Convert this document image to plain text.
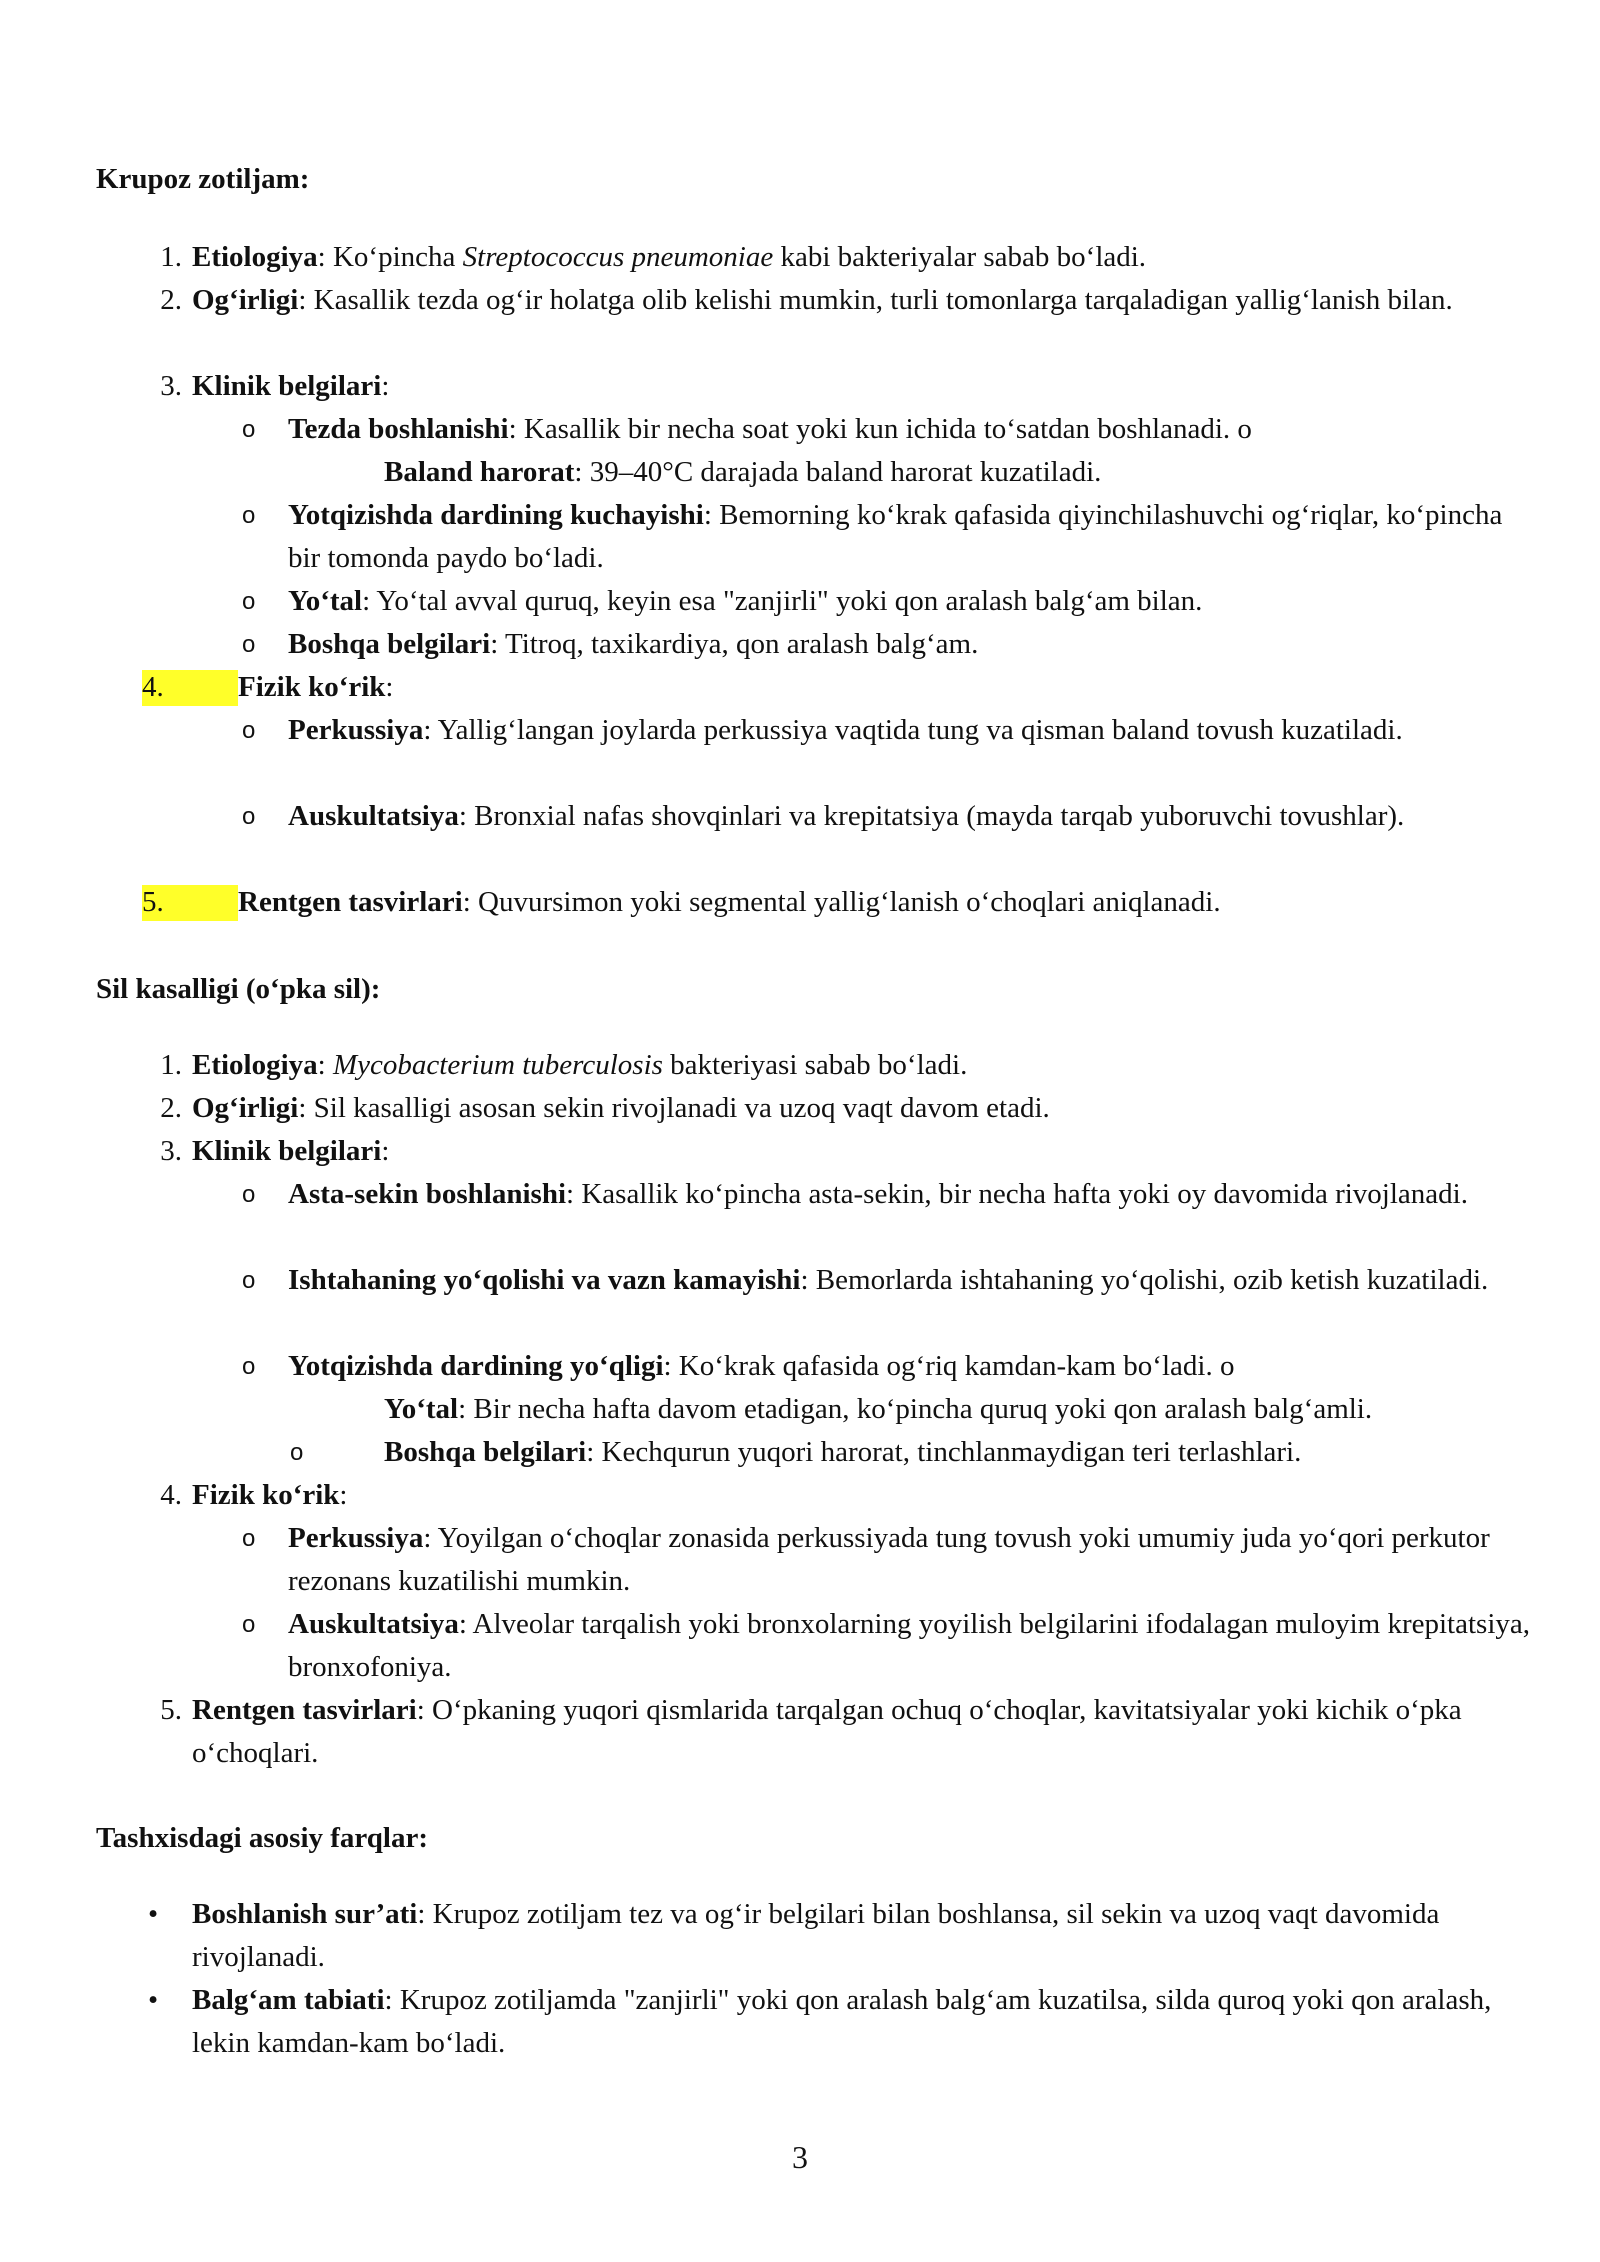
Krupoz zotiljam:
1. Etiologiya: Koʻpincha Streptococcus pneumoniae kabi bakteriyalar sabab boʻladi.
2. Ogʻirligi: Kasallik tezda ogʻir holatga olib kelishi mumkin, turli tomonlarga tarqaladigan yalligʻlanish bilan.
3. Klinik belgilari:
o Tezda boshlanishi: Kasallik bir necha soat yoki kun ichida toʻsatdan boshlanadi. o
Baland harorat: 39–40°C darajada baland harorat kuzatiladi.
o Yotqizishda dardining kuchayishi: Bemorning koʻkrak qafasida qiyinchilashuvchi ogʻriqlar, koʻpincha bir tomonda paydo boʻladi.
o Yoʻtal: Yoʻtal avval quruq, keyin esa "zanjirli" yoki qon aralash balgʻam bilan.
o Boshqa belgilari: Titroq, taxikardiya, qon aralash balgʻam.
4.	Fizik koʻrik:
o Perkussiya: Yalligʻlangan joylarda perkussiya vaqtida tung va qisman baland tovush kuzatiladi.
o Auskultatsiya: Bronxial nafas shovqinlari va krepitatsiya (mayda tarqab yuboruvchi tovushlar).
5.	Rentgen tasvirlari: Quvursimon yoki segmental yalligʻlanish oʻchoqlari aniqlanadi.
Sil kasalligi (oʻpka sil):
1. Etiologiya: Mycobacterium tuberculosis bakteriyasi sabab boʻladi.
2. Ogʻirligi: Sil kasalligi asosan sekin rivojlanadi va uzoq vaqt davom etadi.
3. Klinik belgilari:
o Asta-sekin boshlanishi: Kasallik koʻpincha asta-sekin, bir necha hafta yoki oy davomida rivojlanadi.
o Ishtahaning yoʻqolishi va vazn kamayishi: Bemorlarda ishtahaning yoʻqolishi, ozib ketish kuzatiladi.
o Yotqizishda dardining yoʻqligi: Koʻkrak qafasida ogʻriq kamdan-kam boʻladi. o
Yoʻtal: Bir necha hafta davom etadigan, koʻpincha quruq yoki qon aralash balgʻamli.
o	Boshqa belgilari: Kechqurun yuqori harorat, tinchlanmaydigan teri terlashlari.
4. Fizik koʻrik:
o Perkussiya: Yoyilgan oʻchoqlar zonasida perkussiyada tung tovush yoki umumiy juda yoʻqori perkutor rezonans kuzatilishi mumkin.
o Auskultatsiya: Alveolar tarqalish yoki bronxolarning yoyilish belgilarini ifodalagan muloyim krepitatsiya, bronxofoniya.
5. Rentgen tasvirlari: Oʻpkaning yuqori qismlarida tarqalgan ochuq oʻchoqlar, kavitatsiyalar yoki kichik oʻpka oʻchoqlari.
Tashxisdagi asosiy farqlar:
• Boshlanish sur’ati: Krupoz zotiljam tez va ogʻir belgilari bilan boshlansa, sil sekin va uzoq vaqt davomida rivojlanadi.
• Balgʻam tabiati: Krupoz zotiljamda "zanjirli" yoki qon aralash balgʻam kuzatilsa, silda quroq yoki qon aralash, lekin kamdan-kam boʻladi.
3
